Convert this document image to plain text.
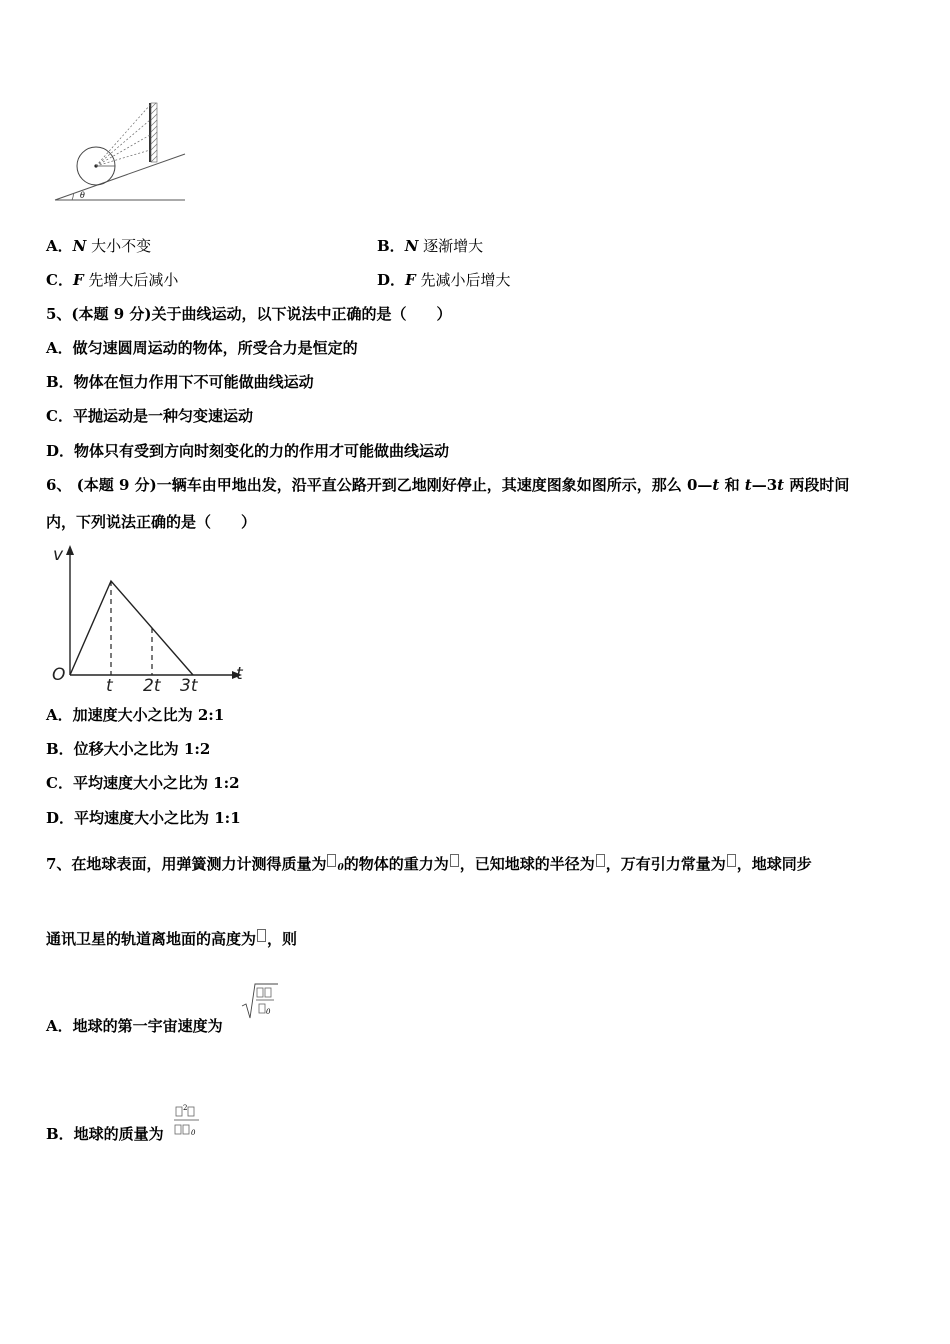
θ
A．N 大小不变	B．N 逐渐增大
C．F 先增大后减小	D．F 先减小后增大
5、(本题 9 分)关于曲线运动，以下说法中正确的是（　　）
A．做匀速圆周运动的物体，所受合力是恒定的
B．物体在恒力作用下不可能做曲线运动
C．平抛运动是一种匀变速运动
D．物体只有受到方向时刻变化的力的作用才可能做曲线运动
6、 (本题 9 分)一辆车由甲地出发，沿平直公路开到乙地刚好停止，其速度图象如图所示，那么 0—t 和 t—3t 两段时间
内，下列说法正确的是（　　）
v
t
O
t 2t 3t
A．加速度大小之比为 2:1
B．位移大小之比为 1:2
C．平均速度大小之比为 1:2
D．平均速度大小之比为 1:1
7、在地球表面，用弹簧测力计测得质量为 0的物体的重力为 ，已知地球的半径为 ，万有引力常量为 ，地球同步
通讯卫星的轨道离地面的高度为 ，则
A．地球的第一宇宙速度为
0
B．地球的质量为
2
0
